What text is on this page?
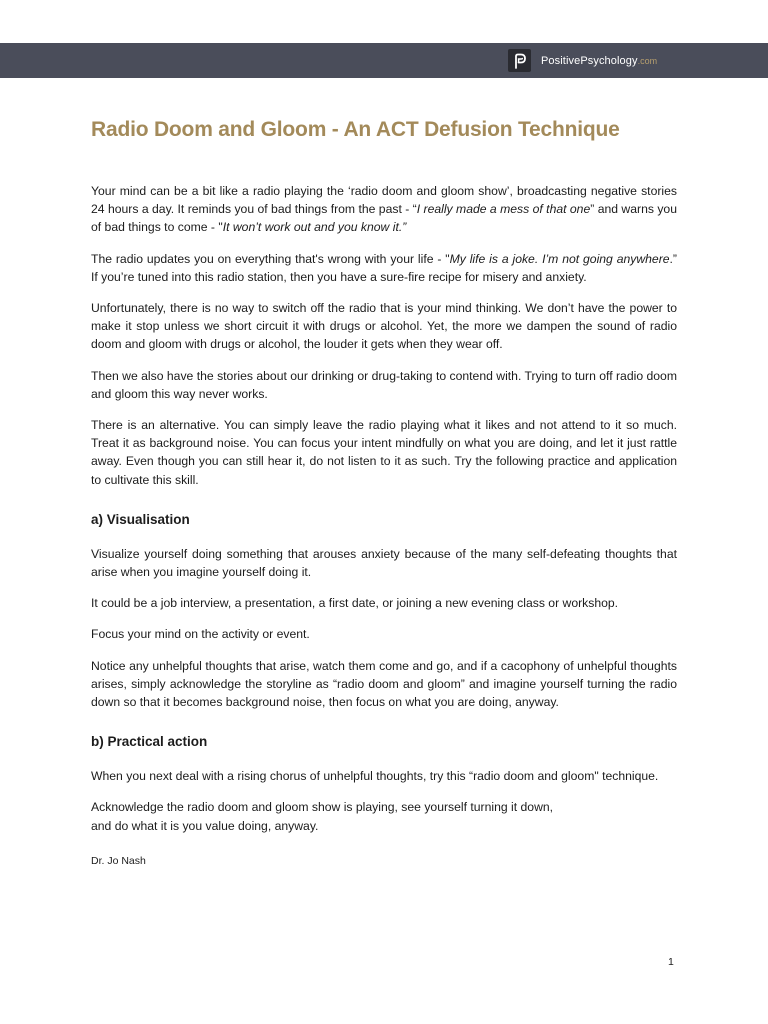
PositivePsychology .com
Radio Doom and Gloom - An ACT Defusion Technique

Your mind can be a bit like a radio playing the ‘radio doom and gloom show’, broadcasting negative stories 24 hours a day. It reminds you of bad things from the past - “I really made a mess of that one” and warns you of bad things to come - "It won’t work out and you know it.”

The radio updates you on everything that's wrong with your life - "My life is a joke. I’m not going anywhere.” If you’re tuned into this radio station, then you have a sure-fire recipe for misery and anxiety.

Unfortunately, there is no way to switch off the radio that is your mind thinking. We don’t have the power to make it stop unless we short circuit it with drugs or alcohol. Yet, the more we dampen the sound of radio doom and gloom with drugs or alcohol, the louder it gets when they wear off.

Then we also have the stories about our drinking or drug-taking to contend with. Trying to turn off radio doom and gloom this way never works.

There is an alternative. You can simply leave the radio playing what it likes and not attend to it so much. Treat it as background noise. You can focus your intent mindfully on what you are doing, and let it just rattle away. Even though you can still hear it, do not listen to it as such. Try the following practice and application to cultivate this skill.

a) Visualisation

Visualize yourself doing something that arouses anxiety because of the many self-defeating thoughts that arise when you imagine yourself doing it.

It could be a job interview, a presentation, a first date, or joining a new evening class or workshop.

Focus your mind on the activity or event.

Notice any unhelpful thoughts that arise, watch them come and go, and if a cacophony of unhelpful thoughts arises, simply acknowledge the storyline as “radio doom and gloom” and imagine yourself turning the radio down so that it becomes background noise, then focus on what you are doing, anyway.

b) Practical action

When you next deal with a rising chorus of unhelpful thoughts, try this “radio doom and gloom" technique.

Acknowledge the radio doom and gloom show is playing, see yourself turning it down,
and do what it is you value doing, anyway.

Dr. Jo Nash
1
